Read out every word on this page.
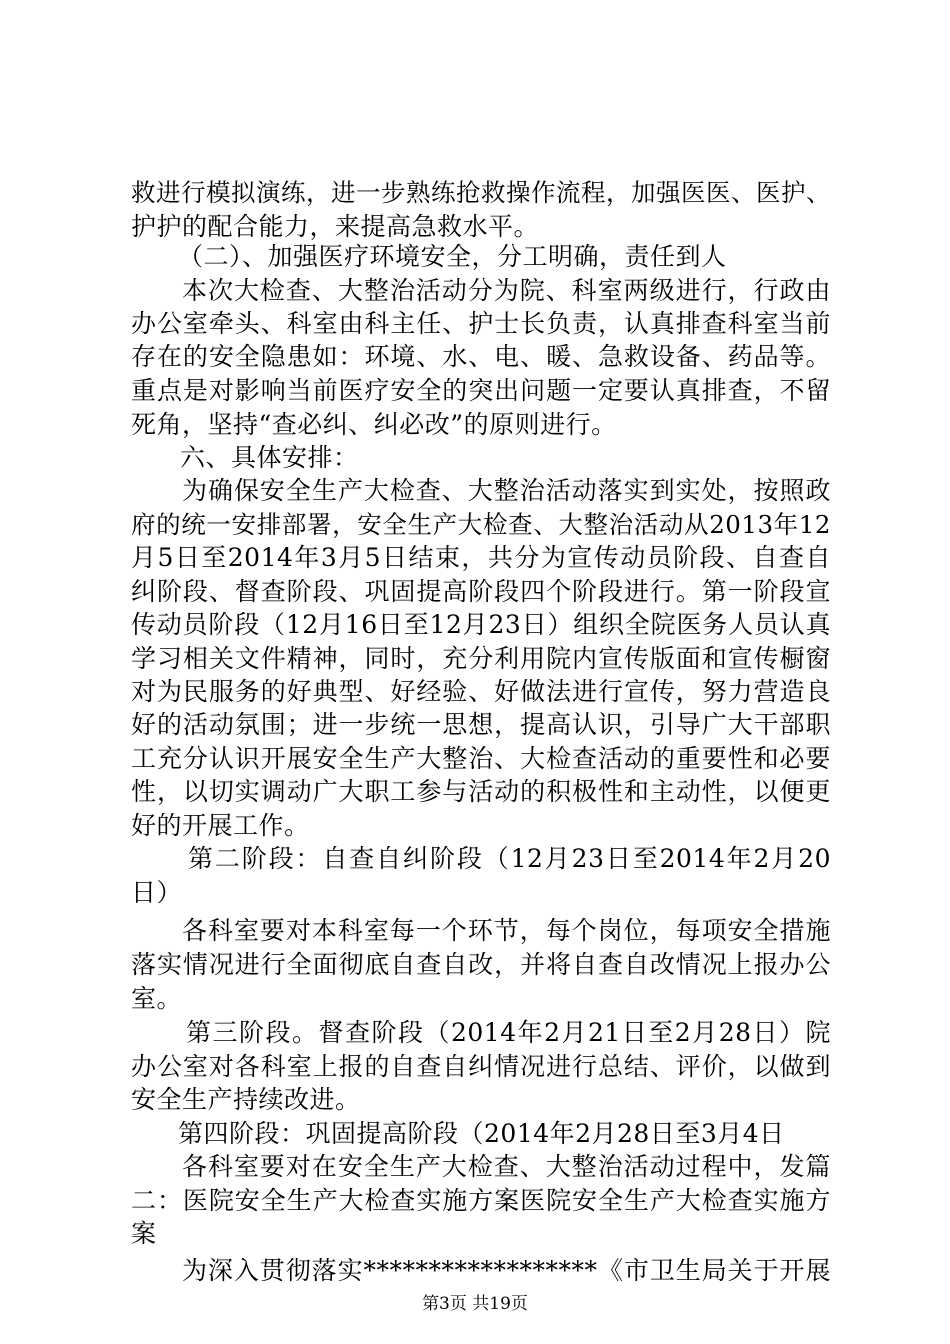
救进行模拟演练，进一步熟练抢救操作流程，加强医医、医护、
护护的配合能力，来提高急救水平。
（二）、加强医疗环境安全，分工明确，责任到人
本次大检查、大整治活动分为院、科室两级进行，行政由
办公室牵头、科室由科主任、护士长负责，认真排查科室当前
存在的安全隐患如：环境、水、电、暖、急救设备、药品等。
重点是对影响当前医疗安全的突出问题一定要认真排查，不留
死角，坚持“查必纠、纠必改”的原则进行。
六、具体安排：
为确保安全生产大检查、大整治活动落实到实处，按照政
府的统一安排部署，安全生产大检查、大整治活动从2013年12
月5日至2014年3月5日结束，共分为宣传动员阶段、自查自
纠阶段、督查阶段、巩固提高阶段四个阶段进行。第一阶段宣
传动员阶段（12月16日至12月23日）组织全院医务人员认真
学习相关文件精神，同时，充分利用院内宣传版面和宣传橱窗
对为民服务的好典型、好经验、好做法进行宣传，努力营造良
好的活动氛围；进一步统一思想，提高认识，引导广大干部职
工充分认识开展安全生产大整治、大检查活动的重要性和必要
性，以切实调动广大职工参与活动的积极性和主动性，以便更
好的开展工作。
第二阶段：自查自纠阶段（12月23日至2014年2月20
日）
各科室要对本科室每一个环节，每个岗位，每项安全措施
落实情况进行全面彻底自查自改，并将自查自改情况上报办公
室。
第三阶段。督查阶段（2014年2月21日至2月28日）院
办公室对各科室上报的自查自纠情况进行总结、评价，以做到
安全生产持续改进。
第四阶段：巩固提高阶段（2014年2月28日至3月4日
各科室要对在安全生产大检查、大整治活动过程中，发篇
二：医院安全生产大检查实施方案医院安全生产大检查实施方
案
为深入贯彻落实******************《市卫生局关于开展
第3页 共19页
